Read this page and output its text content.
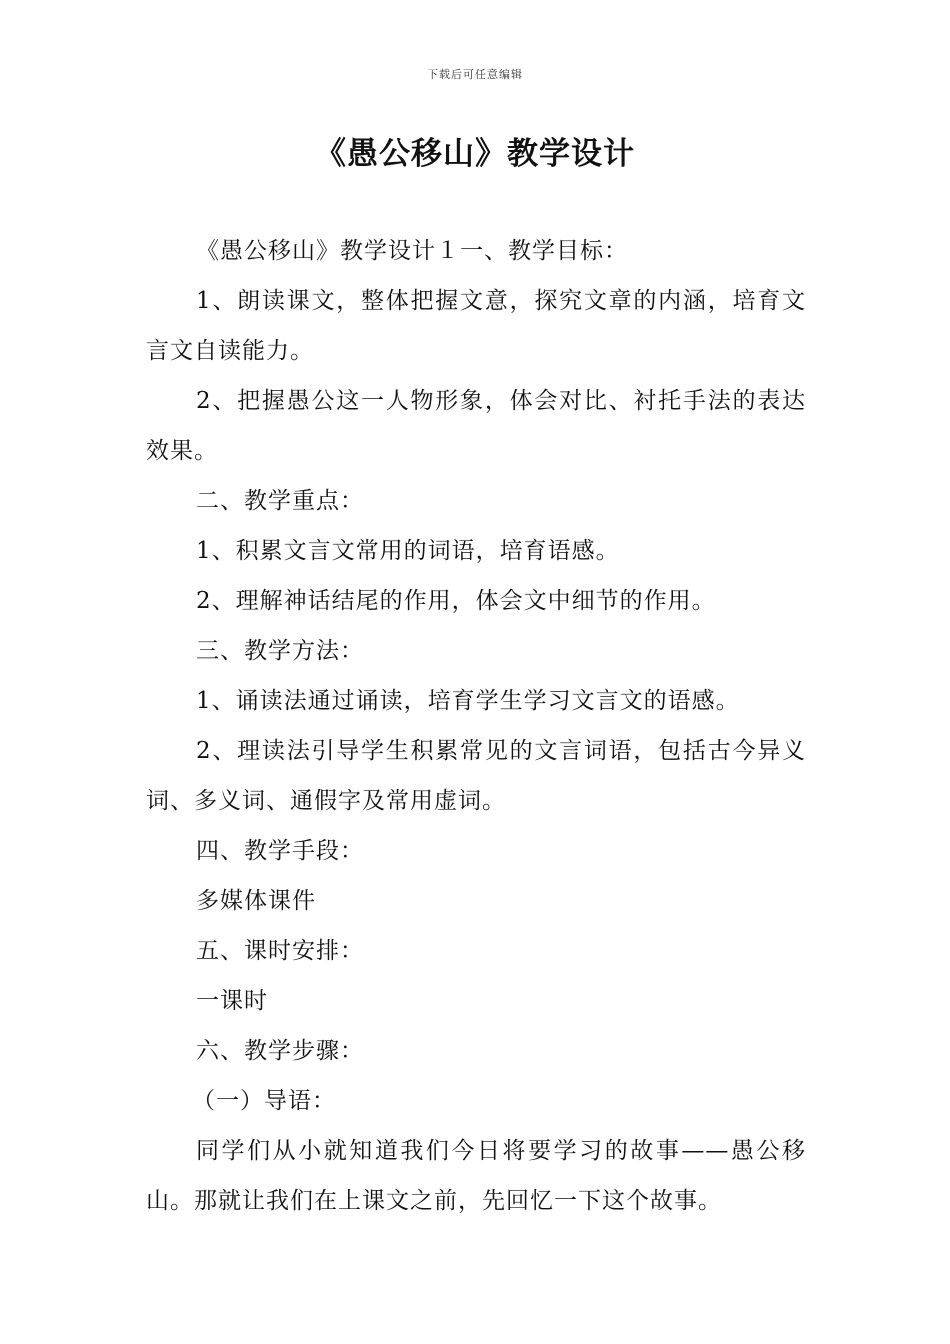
下载后可任意编辑
《愚公移山》教学设计

《愚公移山》教学设计１一、教学目标：

1、朗读课文，整体把握文意，探究文章的内涵，培育文言文自读能力。

2、把握愚公这一人物形象，体会对比、衬托手法的表达效果。

二、教学重点：

1、积累文言文常用的词语，培育语感。

2、理解神话结尾的作用，体会文中细节的作用。

三、教学方法：

1、诵读法通过诵读，培育学生学习文言文的语感。

2、理读法引导学生积累常见的文言词语，包括古今异义词、多义词、通假字及常用虚词。

四、教学手段：

多媒体课件

五、课时安排：

一课时

六、教学步骤：

（一）导语：

同学们从小就知道我们今日将要学习的故事——愚公移山。那就让我们在上课文之前，先回忆一下这个故事。
